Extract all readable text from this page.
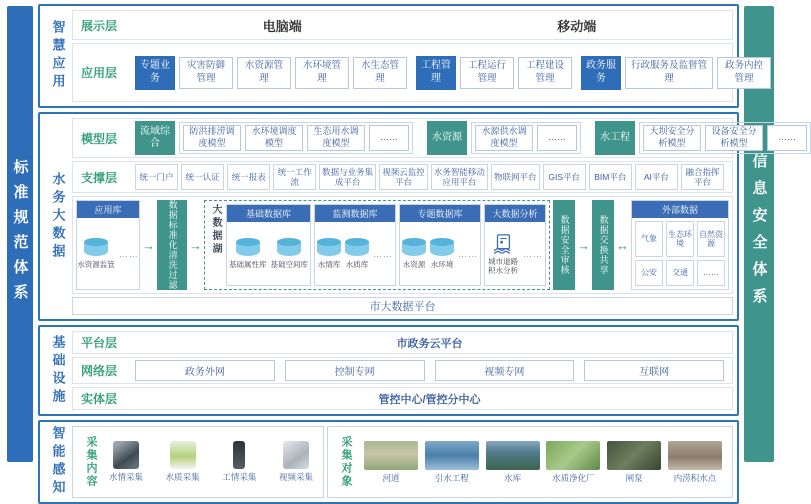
标准规范体系	信息安全体系
智慧应用	展示层	电脑端	移动端
应用层
专题业务
灾害防御管理
水资源管理
水环境管理
水生态管理
工程管理
工程运行管理
工程建设管理
政务服务
行政服务及监督管理
政务内控管理
水务大数据
模型层
流域综合
防洪排涝调度模型
水环境调度模型
生态用水调度模型
……	水资源
水源供水调度模型
……	水工程
大坝安全分析模型
设备安全分析模型
……
支撑层	统一门户	统一认证	统一报表
统一工作流
数据与业务集成平台
视频云监控平台
水务智能移动应用平台
物联网平台	GIS平台	BIM平台	AI平台
融合指挥平台
应用库
水资源监管
……
→	数据标准化清洗过滤 → 大数据湖	基础数据库
基础属性库 基础空间库
监测数据库
水情库 水质库
……
专题数据库
水资源 水环境
……
大数据分析
城市道路积水分析
……	数据安全审核 → 数据交换共享 ↔
外部数据
气象
生态环境
自然资源
公安	交通	……
市大数据平台
基础设施	平台层	市政务云平台
网络层	政务外网	控制专网	视频专网	互联网
实体层	管控中心/管控分中心
智能感知	采集内容 水情采集	水质采集	工情采集	视频采集 采集对象	河道	引水工程	水库	水质净化厂	闸泵	内涝积水点
